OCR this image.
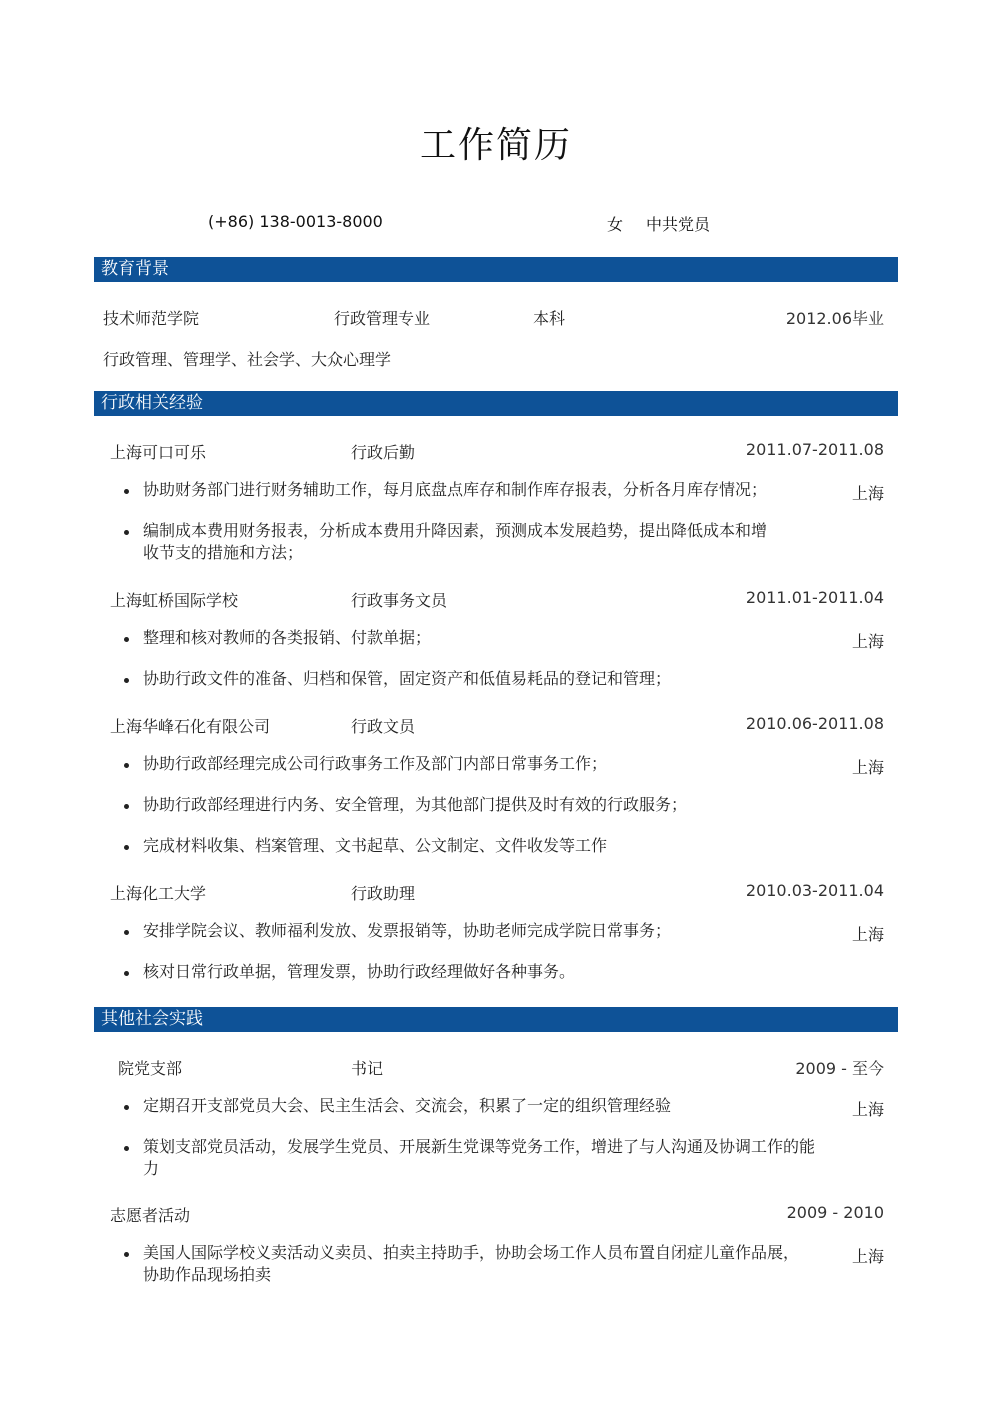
工作简历
(+86) 138-0013-8000	女 中共党员
教育背景
技术师范学院	行政管理专业	本科	2012.06毕业
行政管理、管理学、社会学、大众心理学
行政相关经验
上海可口可乐	行政后勤	2011.07-2011.08
协助财务部门进行财务辅助工作，每月底盘点库存和制作库存报表，分析各月库存情况；	上海
编制成本费用财务报表，分析成本费用升降因素，预测成本发展趋势，提出降低成本和增
收节支的措施和方法；
上海虹桥国际学校	行政事务文员	2011.01-2011.04
整理和核对教师的各类报销、付款单据；	上海
协助行政文件的准备、归档和保管，固定资产和低值易耗品的登记和管理；
上海华峰石化有限公司	行政文员	2010.06-2011.08
协助行政部经理完成公司行政事务工作及部门内部日常事务工作；	上海
协助行政部经理进行内务、安全管理，为其他部门提供及时有效的行政服务；
完成材料收集、档案管理、文书起草、公文制定、文件收发等工作
上海化工大学	行政助理	2010.03-2011.04
安排学院会议、教师福利发放、发票报销等，协助老师完成学院日常事务；	上海
核对日常行政单据，管理发票，协助行政经理做好各种事务。
其他社会实践
院党支部	书记	2009 - 至今
定期召开支部党员大会、民主生活会、交流会，积累了一定的组织管理经验	上海
策划支部党员活动，发展学生党员、开展新生党课等党务工作，增进了与人沟通及协调工作的能
力
志愿者活动	2009 - 2010
美国人国际学校义卖活动义卖员、拍卖主持助手，协助会场工作人员布置自闭症儿童作品展，	上海
协助作品现场拍卖
